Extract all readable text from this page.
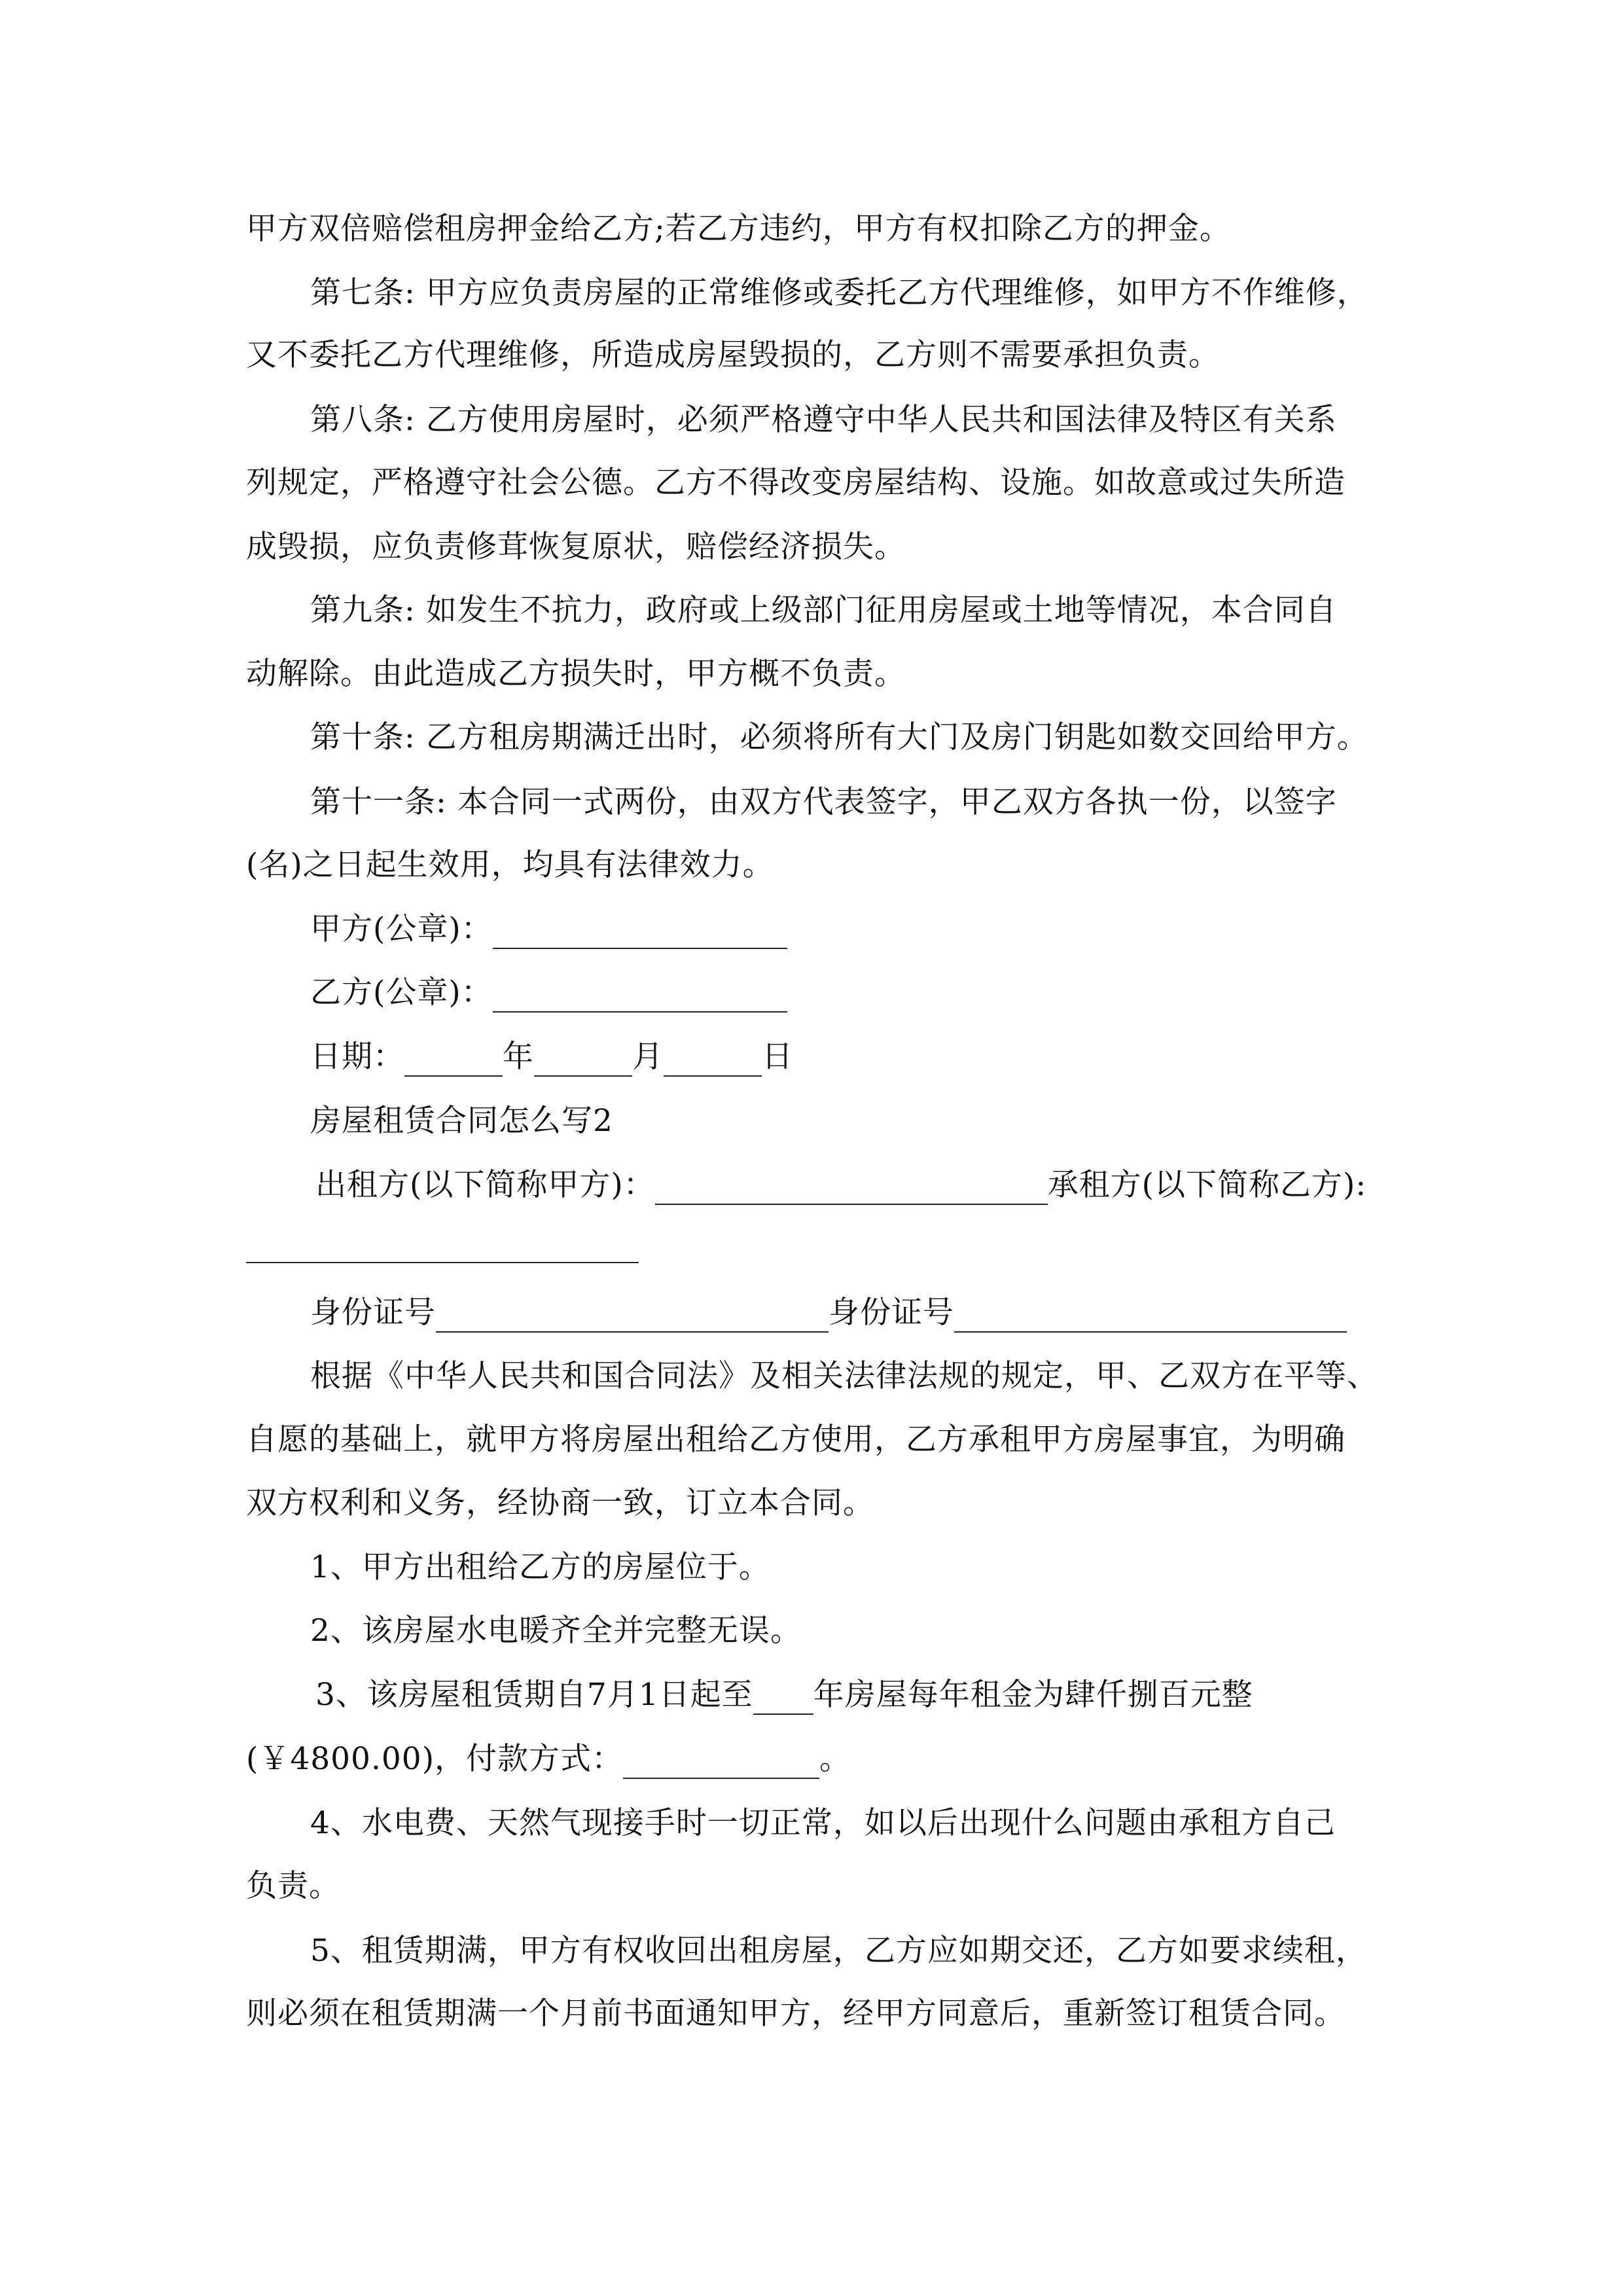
甲方双倍赔偿租房押金给乙方;若乙方违约，甲方有权扣除乙方的押金。
第七条: 甲方应负责房屋的正常维修或委托乙方代理维修，如甲方不作维修，
又不委托乙方代理维修，所造成房屋毁损的，乙方则不需要承担负责。
第八条: 乙方使用房屋时，必须严格遵守中华人民共和国法律及特区有关系
列规定，严格遵守社会公德。乙方不得改变房屋结构、设施。如故意或过失所造
成毁损，应负责修茸恢复原状，赔偿经济损失。
第九条: 如发生不抗力，政府或上级部门征用房屋或土地等情况，本合同自
动解除。由此造成乙方损失时，甲方概不负责。
第十条: 乙方租房期满迁出时，必须将所有大门及房门钥匙如数交回给甲方。
第十一条: 本合同一式两份，由双方代表签字，甲乙双方各执一份，以签字
(名)之日起生效用，均具有法律效力。
甲方(公章)：
乙方(公章)：
日期：	年	月	日
房屋租赁合同怎么写2
出租方(以下简称甲方)：	承租方(以下简称乙方):
身份证号	身份证号
根据《中华人民共和国合同法》及相关法律法规的规定，甲、乙双方在平等、
自愿的基础上，就甲方将房屋出租给乙方使用，乙方承租甲方房屋事宜，为明确
双方权利和义务，经协商一致，订立本合同。
1、甲方出租给乙方的房屋位于。
2、该房屋水电暖齐全并完整无误。
3、该房屋租赁期自7月1日起至 年房屋每年租金为肆仟捌百元整
(￥4800.00)，付款方式：	。
4、水电费、天然气现接手时一切正常，如以后出现什么问题由承租方自己
负责。
5、租赁期满，甲方有权收回出租房屋，乙方应如期交还，乙方如要求续租，
则必须在租赁期满一个月前书面通知甲方，经甲方同意后，重新签订租赁合同。
